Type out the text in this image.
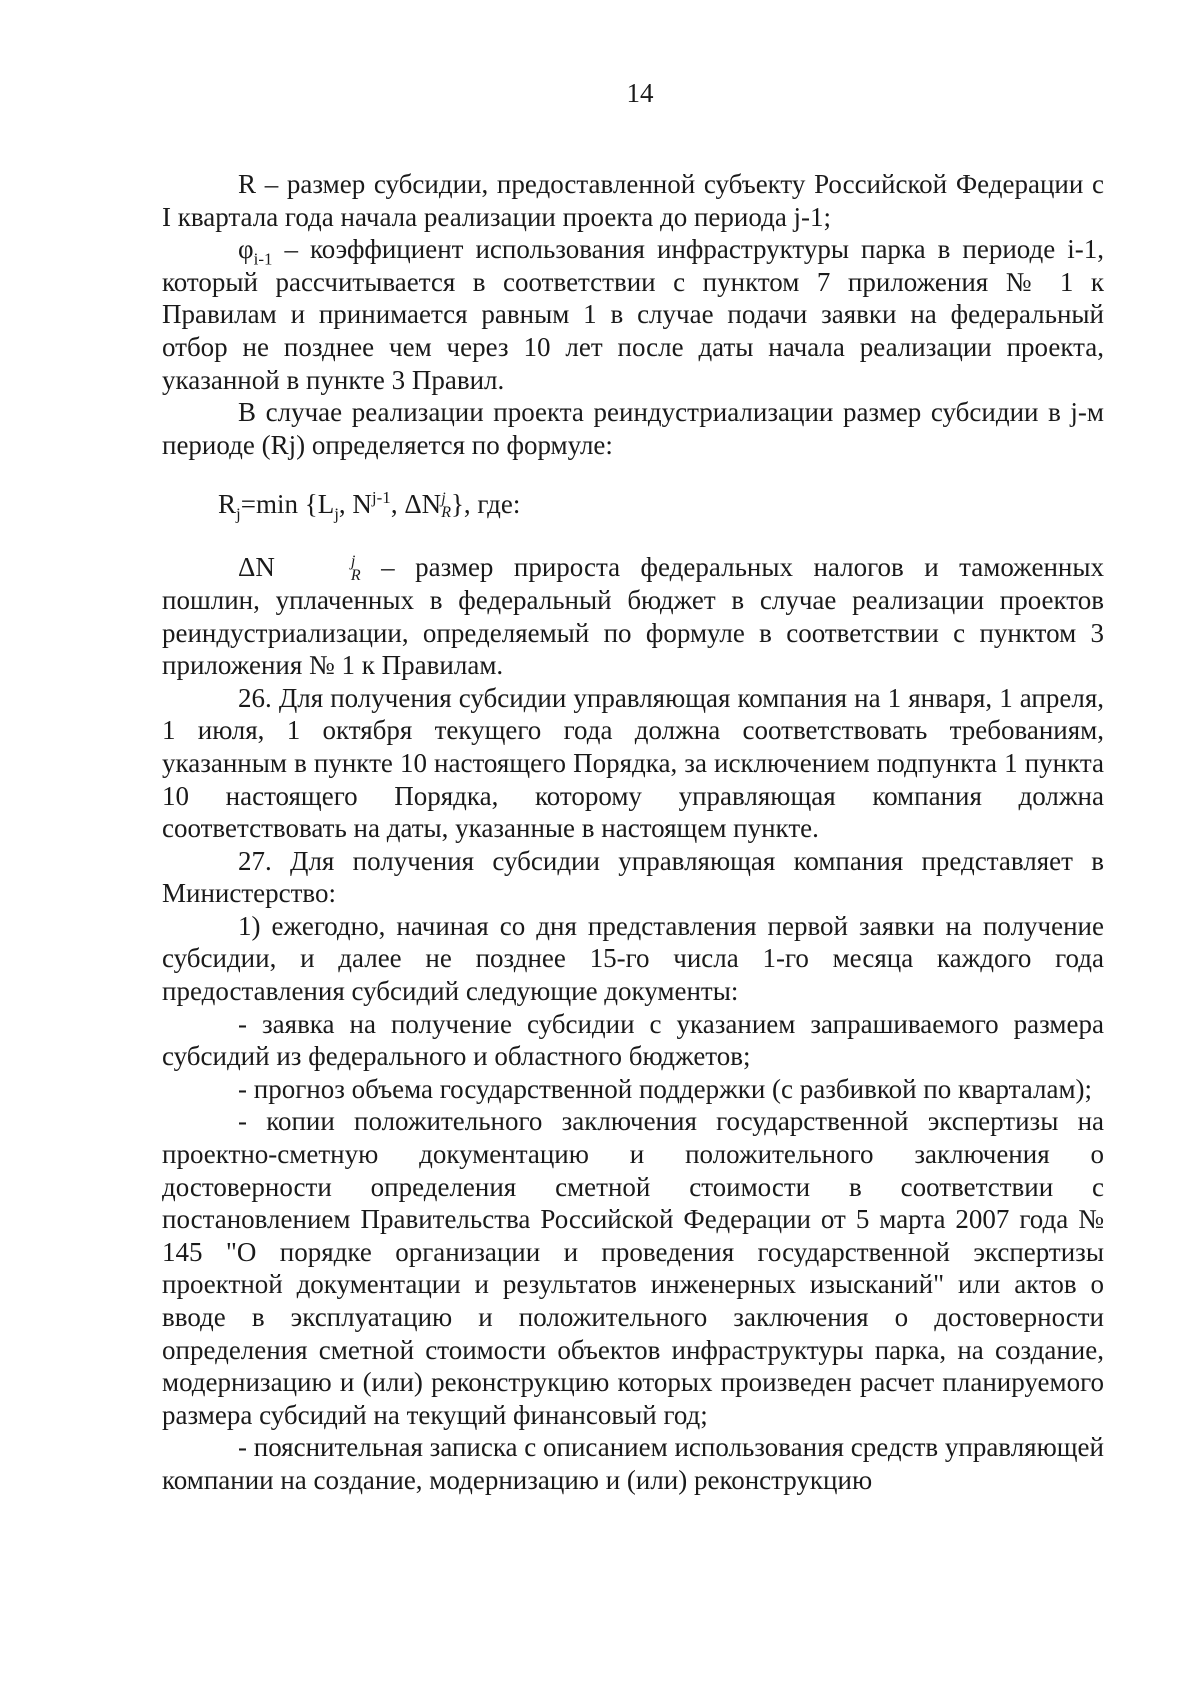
14

R – размер субсидии, предоставленной субъекту Российской Федерации с I квартала года начала реализации проекта до периода j-1;

$\varphi_{i-1}$ – коэффициент использования инфраструктуры парка в периоде i-1, который рассчитывается в соответствии с пунктом 7 приложения № 1 к Правилам и принимается равным 1 в случае подачи заявки на федеральный отбор не позднее чем через 10 лет после даты начала реализации проекта, указанной в пункте 3 Правил.

В случае реализации проекта реиндустриализации размер субсидии в j-м периоде (Rj) определяется по формуле:

$R_j=\min$ {$L_j$, $N^{j-1}$, ΔN j
R }, где:

ΔN	j
R – размер прироста федеральных налогов и таможенных пошлин, уплаченных в федеральный бюджет в случае реализации проектов реиндустриализации, определяемый по формуле в соответствии с пунктом 3 приложения № 1 к Правилам.

26. Для получения субсидии управляющая компания на 1 января, 1 апреля, 1 июля, 1 октября текущего года должна соответствовать требованиям, указанным в пункте 10 настоящего Порядка, за исключением подпункта 1 пункта 10 настоящего Порядка, которому управляющая компания должна соответствовать на даты, указанные в настоящем пункте.

27. Для получения субсидии управляющая компания представляет в Министерство:

1) ежегодно, начиная со дня представления первой заявки на получение субсидии, и далее не позднее 15-го числа 1-го месяца каждого года предоставления субсидий следующие документы:

- заявка на получение субсидии с указанием запрашиваемого размера субсидий из федерального и областного бюджетов;

- прогноз объема государственной поддержки (с разбивкой по кварталам);

- копии положительного заключения государственной экспертизы на проектно-сметную документацию и положительного заключения о достоверности определения сметной стоимости в соответствии с постановлением Правительства Российской Федерации от 5 марта 2007 года № 145 "О порядке организации и проведения государственной экспертизы проектной документации и результатов инженерных изысканий" или актов о вводе в эксплуатацию и положительного заключения о достоверности определения сметной стоимости объектов инфраструктуры парка, на создание, модернизацию и (или) реконструкцию которых произведен расчет планируемого размера субсидий на текущий финансовый год;

- пояснительная записка с описанием использования средств управляющей компании на создание, модернизацию и (или) реконструкцию
